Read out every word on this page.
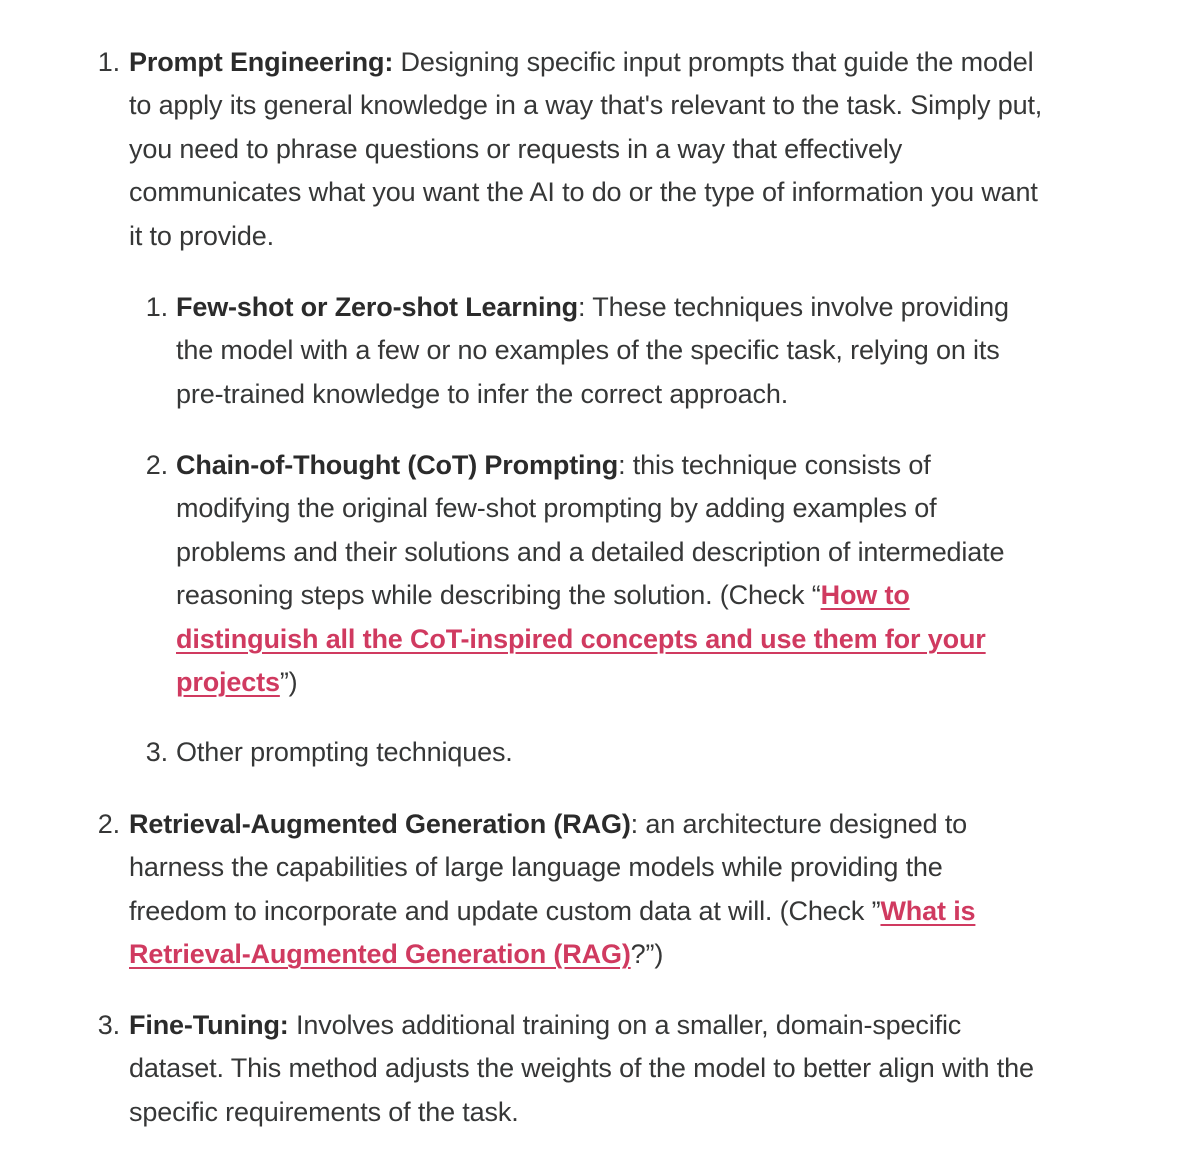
1. Prompt Engineering: Designing specific input prompts that guide the model
to apply its general knowledge in a way that's relevant to the task. Simply put,
you need to phrase questions or requests in a way that effectively
communicates what you want the AI to do or the type of information you want
it to provide.
1. Few-shot or Zero-shot Learning: These techniques involve providing
the model with a few or no examples of the specific task, relying on its
pre-trained knowledge to infer the correct approach.
2. Chain-of-Thought (CoT) Prompting: this technique consists of
modifying the original few-shot prompting by adding examples of
problems and their solutions and a detailed description of intermediate
reasoning steps while describing the solution. (Check “How to
distinguish all the CoT-inspired concepts and use them for your
projects”)
3. Other prompting techniques.
2. Retrieval-Augmented Generation (RAG): an architecture designed to
harness the capabilities of large language models while providing the
freedom to incorporate and update custom data at will. (Check ”What is
Retrieval-Augmented Generation (RAG)?”)
3. Fine-Tuning: Involves additional training on a smaller, domain-specific
dataset. This method adjusts the weights of the model to better align with the
specific requirements of the task.
